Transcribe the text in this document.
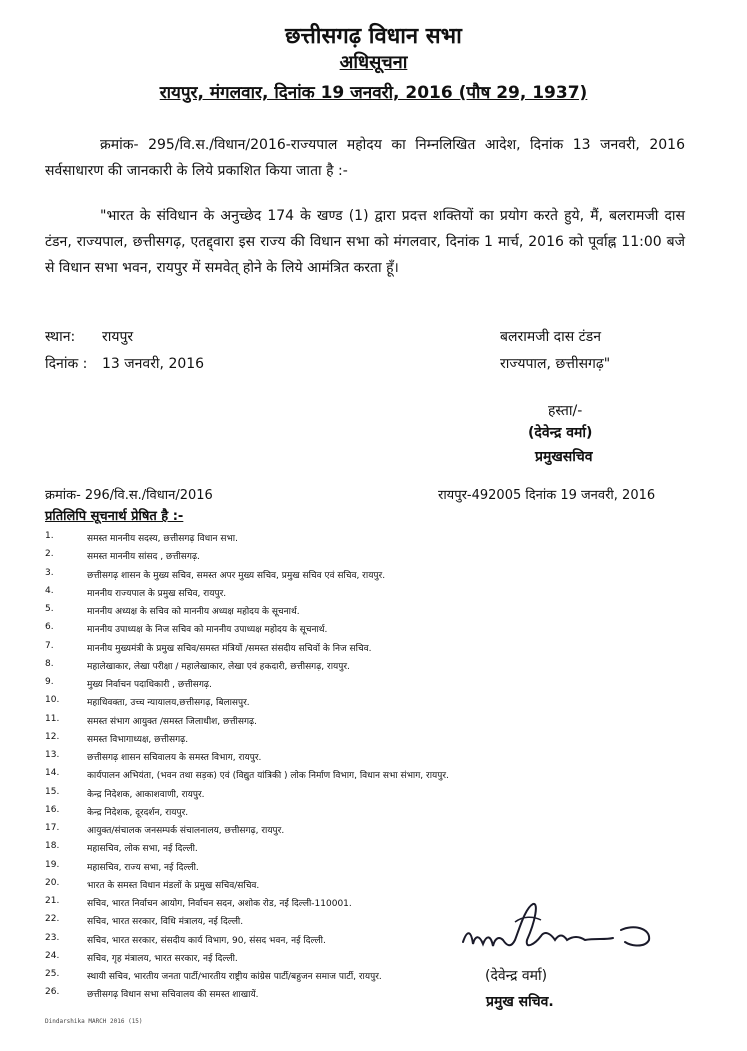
छत्तीसगढ़ विधान सभा
अधिसूचना
रायपुर, मंगलवार, दिनांक 19 जनवरी, 2016 (पौष 29, 1937)
क्रमांक- 295/वि.स./विधान/2016-राज्यपाल महोदय का निम्नलिखित आदेश, दिनांक 13 जनवरी, 2016 सर्वसाधारण की जानकारी के लिये प्रकाशित किया जाता है :-
"भारत के संविधान के अनुच्छेद 174 के खण्ड (1) द्वारा प्रदत्त शक्तियों का प्रयोग करते हुये, मैं, बलरामजी दास टंडन, राज्यपाल, छत्तीसगढ़, एतद्द्वारा इस राज्य की विधान सभा को मंगलवार, दिनांक 1 मार्च, 2016 को पूर्वाह्न 11:00 बजे से विधान सभा भवन, रायपुर में समवेत् होने के लिये आमंत्रित करता हूँ।
स्थान: रायपुर
दिनांक : 13 जनवरी, 2016
बलरामजी दास टंडन
राज्यपाल, छत्तीसगढ़"
हस्ता/-
(देवेन्द्र वर्मा)
प्रमुखसचिव
क्रमांक- 296/वि.स./विधान/2016	रायपुर-492005 दिनांक 19 जनवरी, 2016
प्रतिलिपि सूचनार्थ प्रेषित है :-
1.	समस्त माननीय सदस्य, छत्तीसगढ़ विधान सभा.
2.	समस्त माननीय सांसद , छत्तीसगढ़.
3.	छत्तीसगढ़ शासन के मुख्य सचिव, समस्त अपर मुख्य सचिव, प्रमुख सचिव एवं सचिव, रायपुर.
4.	माननीय राज्यपाल के प्रमुख सचिव, रायपुर.
5.	माननीय अध्यक्ष के सचिव को माननीय अध्यक्ष महोदय के सूचनार्थ.
6.	माननीय उपाध्यक्ष के निज सचिव को माननीय उपाध्यक्ष महोदय के सूचनार्थ.
7.	माननीय मुख्यमंत्री के प्रमुख सचिव/समस्त मंत्रियों /समस्त संसदीय सचिवों के निज सचिव.
8.	महालेखाकार, लेखा परीक्षा / महालेखाकार, लेखा एवं हकदारी, छत्तीसगढ़, रायपुर.
9.	मुख्य निर्वाचन पदाधिकारी , छत्तीसगढ़.
10.	महाधिवक्ता, उच्च न्यायालय,छत्तीसगढ़, बिलासपुर.
11.	समस्त संभाग आयुक्त /समस्त जिलाधीश, छत्तीसगढ़.
12.	समस्त विभागाध्यक्ष, छत्तीसगढ़.
13.	छत्तीसगढ़ शासन सचिवालय के समस्त विभाग, रायपुर.
14.	कार्यपालन अभियंता, (भवन तथा सड़क) एवं (विद्युत यांत्रिकी ) लोक निर्माण विभाग, विधान सभा संभाग, रायपुर.
15.	केन्द्र निदेशक, आकाशवाणी, रायपुर.
16.	केन्द्र निदेशक, दूरदर्शन, रायपुर.
17.	आयुक्त/संचालक जनसम्पर्क संचालनालय, छत्तीसगढ़, रायपुर.
18.	महासचिव, लोक सभा, नई दिल्ली.
19.	महासचिव, राज्य सभा, नई दिल्ली.
20.	भारत के समस्त विधान मंडलों के प्रमुख सचिव/सचिव.
21.	सचिव, भारत निर्वाचन आयोग, निर्वाचन सदन, अशोक रोड, नई दिल्ली-110001.
22.	सचिव, भारत सरकार, विधि मंत्रालय, नई दिल्ली.
23.	सचिव, भारत सरकार, संसदीय कार्य विभाग, 90, संसद भवन, नई दिल्ली.
24.	सचिव, गृह मंत्रालय, भारत सरकार, नई दिल्ली.
25.	स्थायी सचिव, भारतीय जनता पार्टी/भारतीय राष्ट्रीय कांग्रेस पार्टी/बहुजन समाज पार्टी, रायपुर.
26.	छत्तीसगढ़ विधान सभा सचिवालय की समस्त शाखायें.
(देवेन्द्र वर्मा)
प्रमुख सचिव.
Dindarshika MARCH 2016 (15)
